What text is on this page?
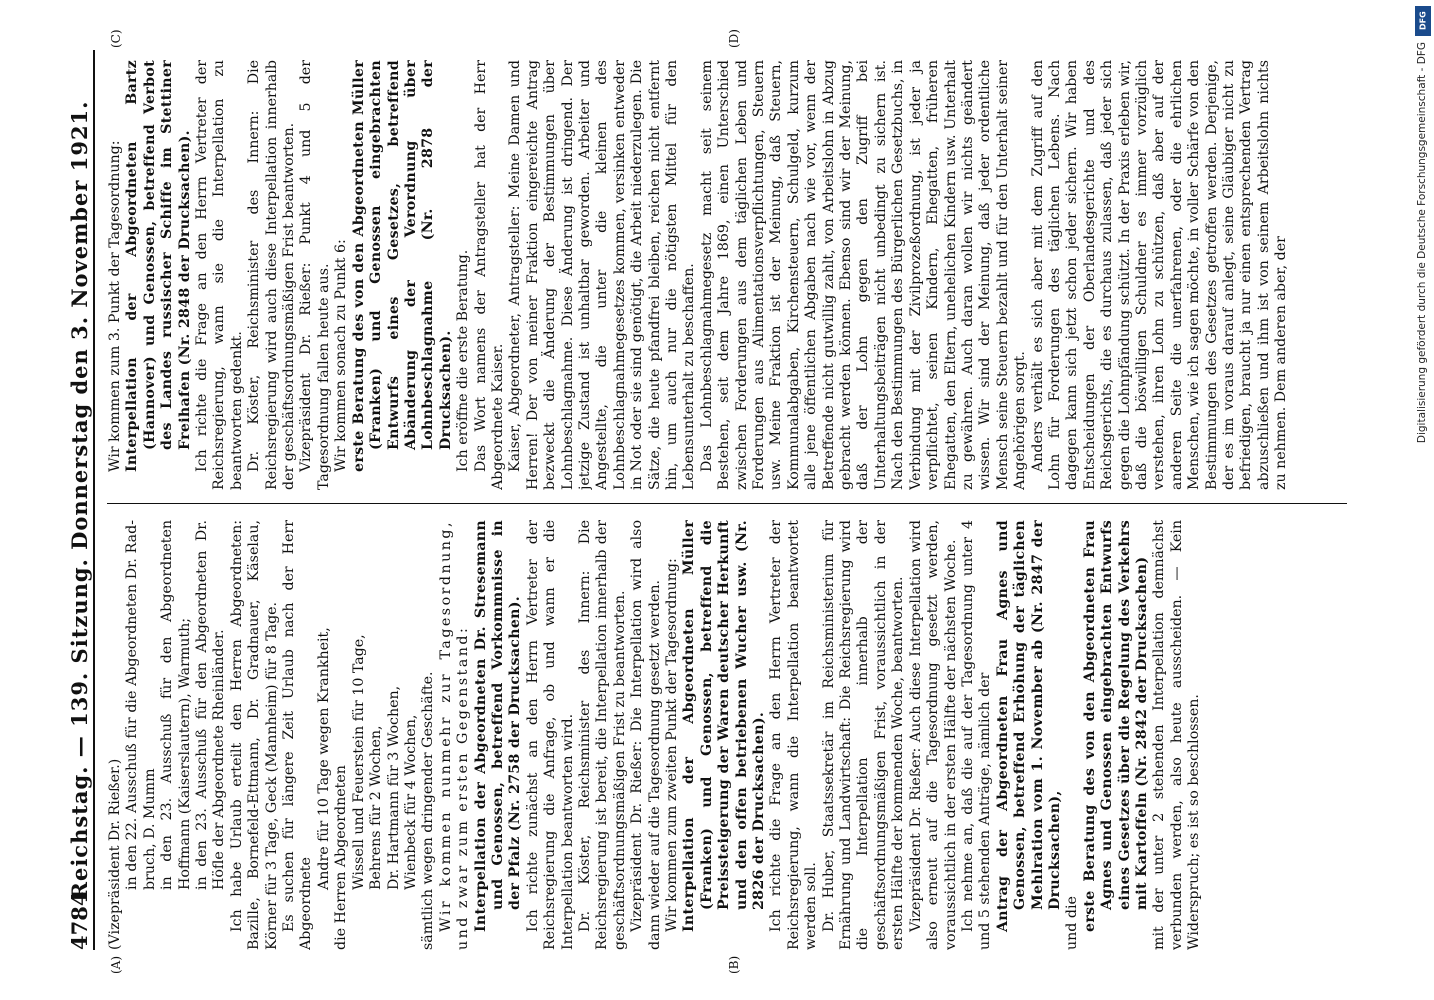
4784
Reichstag. — 139. Sitzung. Donnerstag den 3. November 1921.
(A)	(B)
(C)	(D)

(Vizepräsident Dr. Rießer.) in den 22. Ausschuß für die Abgeordneten Dr. Rad-bruch, D. Mumm in den 23. Ausschuß für den Abgeordneten Hoffmann (Kaiserslautern), Warmuth; in den 23. Ausschuß für den Abgeordneten Dr. Höfle der Abgeordnete Rheinländer. Ich habe Urlaub erteilt den Herren Abgeordneten: Bazille, Bornefeld-Ettmann, Dr. Gradnauer, Käselau, Körner für 3 Tage, Geck (Mannheim) für 8 Tage. Es suchen für längere Zeit Urlaub nach der Herr Abgeordnete

Andre für 10 Tage wegen Krankheit, die Herren Abgeordneten Wissell und Feuerstein für 10 Tage, Behrens für 2 Wochen, Dr. Hartmann für 3 Wochen, Wienbeck für 4 Wochen, sämtlich wegen dringender Geschäfte. Wir kommen nunmehr zur Tagesordnung, und zwar zum ersten Gegenstand: Interpellation der Abgeordneten Dr. Stresemann und Genossen, betreffend Vorkommnisse in der Pfalz (Nr. 2758 der Drucksachen). Ich richte zunächst an den Herrn Vertreter der Reichsregierung die Anfrage, ob und wann er die Interpellation beantworten wird. Dr. Köster, Reichsminister des Innern: Die Reichsregierung ist bereit, die Interpellation innerhalb der geschäftsordnungsmäßigen Frist zu beantworten. Vizepräsident Dr. Rießer: Die Interpellation wird also dann wieder auf die Tagesordnung gesetzt werden. Wir kommen zum zweiten Punkt der Tagesordnung: Interpellation der Abgeordneten Müller (Franken) und Genossen, betreffend die Preissteigerung der Waren deutscher Herkunft und den offen betriebenen Wucher usw. (Nr. 2826 der Drucksachen). Ich richte die Frage an den Herrn Vertreter der Reichsregierung, wann die Interpellation beantwortet werden soll. Dr. Huber, Staatssekretär im Reichsministerium für Ernährung und Landwirtschaft: Die Reichsregierung wird die Interpellation innerhalb der geschäftsordnungsmäßigen Frist, voraussichtlich in der ersten Hälfte der kommenden Woche, beantworten. Vizepräsident Dr. Rießer: Auch diese Interpellation wird also erneut auf die Tagesordnung gesetzt werden, voraussichtlich in der ersten Hälfte der nächsten Woche. Ich nehme an, daß die auf der Tagesordnung unter 4 und 5 stehenden Anträge, nämlich der Antrag der Abgeordneten Frau Agnes und Genossen, betreffend Erhöhung der täglichen Mehlration vom 1. November ab (Nr. 2847 der Drucksachen),

und die erste Beratung des von den Abgeordneten Frau Agnes und Genossen eingebrachten Entwurfs eines Gesetzes über die Regelung des Verkehrs mit Kartoffeln (Nr. 2842 der Drucksachen) mit der unter 2 stehenden Interpellation demnächst verbunden werden, also heute ausscheiden. — Kein Widerspruch; es ist so beschlossen.

Wir kommen zum 3. Punkt der Tagesordnung: Interpellation der Abgeordneten Bartz (Hannover) und Genossen, betreffend Verbot des Landes russischer Schiffe im Stettiner Freihafen (Nr. 2848 der Drucksachen). Ich richte die Frage an den Herrn Vertreter der Reichsregierung, wann sie die Interpellation zu beantworten gedenkt. Dr. Köster, Reichsminister des Innern: Die Reichsregierung wird auch diese Interpellation innerhalb der geschäftsordnungsmäßigen Frist beantworten. Vizepräsident Dr. Rießer: Punkt 4 und 5 der Tagesordnung fallen heute aus. Wir kommen sonach zu Punkt 6: erste Beratung des von den Abgeordneten Müller (Franken) und Genossen eingebrachten Entwurfs eines Gesetzes, betreffend Abänderung der Verordnung über Lohnbeschlagnahme (Nr. 2878 der Drucksachen). Ich eröffne die erste Beratung. Das Wort namens der Antragsteller hat der Herr Abgeordnete Kaiser. Kaiser, Abgeordneter, Antragsteller: Meine Damen und Herren! Der von meiner Fraktion eingereichte Antrag bezweckt die Änderung der Bestimmungen über Lohnbeschlagnahme. Diese Änderung ist dringend. Der jetzige Zustand ist unhaltbar geworden. Arbeiter und Angestellte, die unter die kleinen des Lohnbeschlagnahmegesetzes kommen, versinken entweder in Not oder sie sind genötigt, die Arbeit niederzulegen. Die Sätze, die heute pfandfrei bleiben, reichen nicht entfernt hin, um auch nur die nötigsten Mittel für den Lebensunterhalt zu beschaffen. Das Lohnbeschlagnahmegesetz macht seit seinem Bestehen, seit dem Jahre 1869, einen Unterschied zwischen Forderungen aus dem täglichen Leben und Forderungen aus Alimentationsverpflichtungen, Steuern usw. Meine Fraktion ist der Meinung, daß Steuern, Kommunalabgaben, Kirchensteuern, Schulgeld, kurzum alle jene öffentlichen Abgaben nach wie vor, wenn der Betreffende nicht gutwillig zahlt, von Arbeitslohn in Abzug gebracht werden können. Ebenso sind wir der Meinung, daß der Lohn gegen den Zugriff bei Unterhaltungsbeiträgen nicht unbedingt zu sichern ist. Nach den Bestimmungen des Bürgerlichen Gesetzbuchs, in Verbindung mit der Zivilprozeßordnung, ist jeder ja verpflichtet, seinen Kindern, Ehegatten, früheren Ehegatten, den Eltern, unehelichen Kindern usw. Unterhalt zu gewähren. Auch daran wollen wir nichts geändert wissen. Wir sind der Meinung, daß jeder ordentliche Mensch seine Steuern bezahlt und für den Unterhalt seiner Angehörigen sorgt. Anders verhält es sich aber mit dem Zugriff auf den Lohn für Forderungen des täglichen Lebens. Nach dagegen kann sich jetzt schon jeder sichern. Wir haben Entscheidungen der Oberlandesgerichte und des Reichsgerichts, die es durchaus zulassen, daß jeder sich gegen die Lohnpfändung schützt. In der Praxis erleben wir, daß die böswilligen Schuldner es immer vorzüglich verstehen, ihren Lohn zu schützen, daß aber auf der anderen Seite die unerfahrenen, oder die ehrlichen Menschen, wie ich sagen möchte, in voller Schärfe von den Bestimmungen des Gesetzes getroffen werden. Derjenige, der es im voraus darauf anlegt, seine Gläubiger nicht zu befriedigen, braucht ja nur einen entsprechenden Vertrag abzuschließen und ihm ist von seinem Arbeitslohn nichts zu nehmen. Dem anderen aber, der

DFG
Digitalisierung gefördert durch die Deutsche Forschungsgemeinschaft - DFG
